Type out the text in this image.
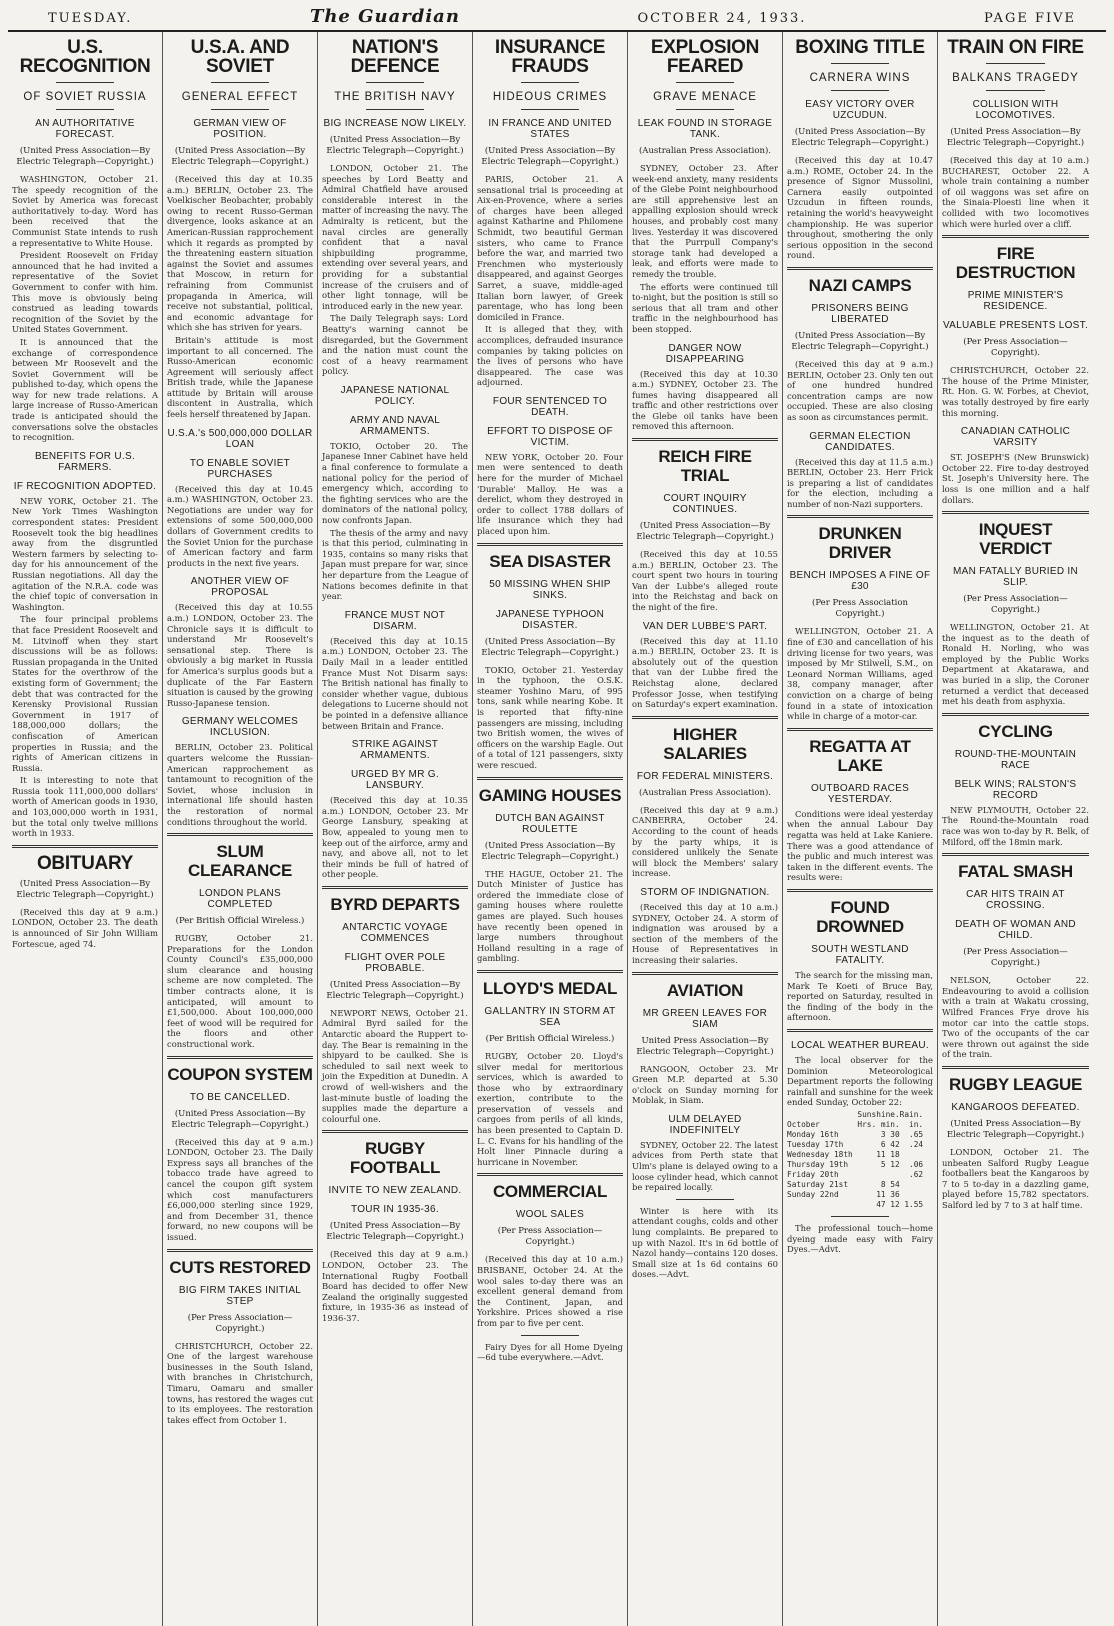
TUESDAY.	The Guardian	OCTOBER 24, 1933.	PAGE FIVE
U.S. RECOGNITION
OF SOVIET RUSSIA
AN AUTHORITATIVE FORECAST.
(United Press Association—By Electric Telegraph—Copyright.)

WASHINGTON, October 21. The speedy recognition of the Soviet by America was forecast authoritatively to-day. Word has been received that the Communist State intends to rush a representative to White House.

President Roosevelt on Friday announced that he had invited a representative of the Soviet Government to confer with him. This move is obviously being construed as leading towards recognition of the Soviet by the United States Government.

It is announced that the exchange of correspondence between Mr Roosevelt and the Soviet Government will be published to-day, which opens the way for new trade relations. A large increase of Russo-American trade is anticipated should the conversations solve the obstacles to recognition.

BENEFITS FOR U.S. FARMERS.
IF RECOGNITION ADOPTED.

NEW YORK, October 21. The New York Times Washington correspondent states: President Roosevelt took the big headlines away from the disgruntled Western farmers by selecting to-day for his announcement of the Russian negotiations. All day the agitation of the N.R.A. code was the chief topic of conversation in Washington.

The four principal problems that face President Roosevelt and M. Litvinoff when they start discussions will be as follows: Russian propaganda in the United States for the overthrow of the existing form of Government; the debt that was contracted for the Kerensky Provisional Russian Government in 1917 of 188,000,000 dollars; the confiscation of American properties in Russia; and the rights of American citizens in Russia.

It is interesting to note that Russia took 111,000,000 dollars' worth of American goods in 1930, and 103,000,000 worth in 1931, but the total only twelve millions worth in 1933.

OBITUARY
(United Press Association—By Electric Telegraph—Copyright.)

(Received this day at 9 a.m.) LONDON, October 23. The death is announced of Sir John William Fortescue, aged 74.

U.S.A. AND SOVIET
GENERAL EFFECT
GERMAN VIEW OF POSITION.
(United Press Association—By Electric Telegraph—Copyright.)

(Received this day at 10.35 a.m.) BERLIN, October 23. The Voelkischer Beobachter, probably owing to recent Russo-German divergence, looks askance at an American-Russian rapprochement which it regards as prompted by the threatening eastern situation against the Soviet and assumes that Moscow, in return for refraining from Communist propaganda in America, will receive not substantial, political, and economic advantage for which she has striven for years.

Britain's attitude is most important to all concerned. The Russo-American economic Agreement will seriously affect British trade, while the Japanese attitude by Britain will arouse discontent in Australia, which feels herself threatened by Japan.

U.S.A.'s 500,000,000 DOLLAR LOAN
TO ENABLE SOVIET PURCHASES

(Received this day at 10.45 a.m.) WASHINGTON, October 23. Negotiations are under way for extensions of some 500,000,000 dollars of Government credits to the Soviet Union for the purchase of American factory and farm products in the next five years.

ANOTHER VIEW OF PROPOSAL

(Received this day at 10.55 a.m.) LONDON, October 23. The Chronicle says it is difficult to understand Mr Roosevelt's sensational step. There is obviously a big market in Russia for America's surplus goods but a duplicate of the Far Eastern situation is caused by the growing Russo-Japanese tension.

GERMANY WELCOMES INCLUSION.

BERLIN, October 23. Political quarters welcome the Russian-American rapprochement as tantamount to recognition of the Soviet, whose inclusion in international life should hasten the restoration of normal conditions throughout the world.

SLUM CLEARANCE
LONDON PLANS COMPLETED
(Per British Official Wireless.)

RUGBY, October 21. Preparations for the London County Council's £35,000,000 slum clearance and housing scheme are now completed. The timber contracts alone, it is anticipated, will amount to £1,500,000. About 100,000,000 feet of wood will be required for the floors and other constructional work.

COUPON SYSTEM
TO BE CANCELLED.
(United Press Association—By Electric Telegraph—Copyright.)

(Received this day at 9 a.m.) LONDON, October 23. The Daily Express says all branches of the tobacco trade have agreed to cancel the coupon gift system which cost manufacturers £6,000,000 sterling since 1929, and from December 31, thence forward, no new coupons will be issued.

CUTS RESTORED
BIG FIRM TAKES INITIAL STEP
(Per Press Association—Copyright.)

CHRISTCHURCH, October 22. One of the largest warehouse businesses in the South Island, with branches in Christchurch, Timaru, Oamaru and smaller towns, has restored the wages cut to its employees. The restoration takes effect from October 1.

NATION'S DEFENCE
THE BRITISH NAVY
BIG INCREASE NOW LIKELY.
(United Press Association—By Electric Telegraph—Copyright.)

LONDON, October 21. The speeches by Lord Beatty and Admiral Chatfield have aroused considerable interest in the matter of increasing the navy. The Admiralty is reticent, but the naval circles are generally confident that a naval shipbuilding programme, extending over several years, and providing for a substantial increase of the cruisers and of other light tonnage, will be introduced early in the new year.

The Daily Telegraph says: Lord Beatty's warning cannot be disregarded, but the Government and the nation must count the cost of a heavy rearmament policy.

JAPANESE NATIONAL POLICY.
ARMY AND NAVAL ARMAMENTS.

TOKIO, October 20. The Japanese Inner Cabinet have held a final conference to formulate a national policy for the period of emergency which, according to the fighting services who are the dominators of the national policy, now confronts Japan.

The thesis of the army and navy is that this period, culminating in 1935, contains so many risks that Japan must prepare for war, since her departure from the League of Nations becomes definite in that year.

FRANCE MUST NOT DISARM.

(Received this day at 10.15 a.m.) LONDON, October 23. The Daily Mail in a leader entitled France Must Not Disarm says: The British national has finally to consider whether vague, dubious delegations to Lucerne should not be pointed in a defensive alliance between Britain and France.

STRIKE AGAINST ARMAMENTS.
URGED BY MR G. LANSBURY.

(Received this day at 10.35 a.m.) LONDON, October 23. Mr George Lansbury, speaking at Bow, appealed to young men to keep out of the airforce, army and navy, and above all, not to let their minds be full of hatred of other people.

BYRD DEPARTS
ANTARCTIC VOYAGE COMMENCES
FLIGHT OVER POLE PROBABLE.
(United Press Association—By Electric Telegraph—Copyright.)

NEWPORT NEWS, October 21. Admiral Byrd sailed for the Antarctic aboard the Ruppert to-day. The Bear is remaining in the shipyard to be caulked. She is scheduled to sail next week to join the Expedition at Dunedin. A crowd of well-wishers and the last-minute bustle of loading the supplies made the departure a colourful one.

RUGBY FOOTBALL
INVITE TO NEW ZEALAND.
TOUR IN 1935-36.
(United Press Association—By Electric Telegraph—Copyright.)

(Received this day at 9 a.m.) LONDON, October 23. The International Rugby Football Board has decided to offer New Zealand the originally suggested fixture, in 1935-36 as instead of 1936-37.

INSURANCE FRAUDS
HIDEOUS CRIMES
IN FRANCE AND UNITED STATES
(United Press Association—By Electric Telegraph—Copyright.)

PARIS, October 21. A sensational trial is proceeding at Aix-en-Provence, where a series of charges have been alleged against Katharine and Philomene Schmidt, two beautiful German sisters, who came to France before the war, and married two Frenchmen who mysteriously disappeared, and against Georges Sarret, a suave, middle-aged Italian born lawyer, of Greek parentage, who has long been domiciled in France.

It is alleged that they, with accomplices, defrauded insurance companies by taking policies on the lives of persons who have disappeared. The case was adjourned.

FOUR SENTENCED TO DEATH.
EFFORT TO DISPOSE OF VICTIM.

NEW YORK, October 20. Four men were sentenced to death here for the murder of Michael 'Durable' Malloy. He was a derelict, whom they destroyed in order to collect 1788 dollars of life insurance which they had placed upon him.

SEA DISASTER
50 MISSING WHEN SHIP SINKS.
JAPANESE TYPHOON DISASTER.
(United Press Association—By Electric Telegraph—Copyright.)

TOKIO, October 21. Yesterday in the typhoon, the O.S.K. steamer Yoshino Maru, of 995 tons, sank while nearing Kobe. It is reported that fifty-nine passengers are missing, including two British women, the wives of officers on the warship Eagle. Out of a total of 121 passengers, sixty were rescued.

GAMING HOUSES
DUTCH BAN AGAINST ROULETTE
(United Press Association—By Electric Telegraph—Copyright.)

THE HAGUE, October 21. The Dutch Minister of Justice has ordered the immediate close of gaming houses where roulette games are played. Such houses have recently been opened in large numbers throughout Holland resulting in a rage of gambling.

LLOYD'S MEDAL
GALLANTRY IN STORM AT SEA
(Per British Official Wireless.)

RUGBY, October 20. Lloyd's silver medal for meritorious services, which is awarded to those who by extraordinary exertion, contribute to the preservation of vessels and cargoes from perils of all kinds, has been presented to Captain D. L. C. Evans for his handling of the Holt liner Pinnacle during a hurricane in November.

COMMERCIAL
WOOL SALES
(Per Press Association—Copyright.)

(Received this day at 10 a.m.) BRISBANE, October 24. At the wool sales to-day there was an excellent general demand from the Continent, Japan, and Yorkshire. Prices showed a rise from par to five per cent.

Fairy Dyes for all Home Dyeing—6d tube everywhere.—Advt.

EXPLOSION FEARED
GRAVE MENACE
LEAK FOUND IN STORAGE TANK.
(Australian Press Association).

SYDNEY, October 23. After week-end anxiety, many residents of the Glebe Point neighbourhood are still apprehensive lest an appalling explosion should wreck houses, and probably cost many lives. Yesterday it was discovered that the Purrpull Company's storage tank had developed a leak, and efforts were made to remedy the trouble.

The efforts were continued till to-night, but the position is still so serious that all tram and other traffic in the neighbourhood has been stopped.

DANGER NOW DISAPPEARING

(Received this day at 10.30 a.m.) SYDNEY, October 23. The fumes having disappeared all traffic and other restrictions over the Glebe oil tanks have been removed this afternoon.

REICH FIRE TRIAL
COURT INQUIRY CONTINUES.
(United Press Association—By Electric Telegraph—Copyright.)

(Received this day at 10.55 a.m.) BERLIN, October 23. The court spent two hours in touring Van der Lubbe's alleged route into the Reichstag and back on the night of the fire.

VAN DER LUBBE'S PART.

(Received this day at 11.10 a.m.) BERLIN, October 23. It is absolutely out of the question that van der Lubbe fired the Reichstag alone, declared Professor Josse, when testifying on Saturday's expert examination.

HIGHER SALARIES
FOR FEDERAL MINISTERS.
(Australian Press Association).

(Received this day at 9 a.m.) CANBERRA, October 24. According to the count of heads by the party whips, it is considered unlikely the Senate will block the Members' salary increase.

STORM OF INDIGNATION.

(Received this day at 10 a.m.) SYDNEY, October 24. A storm of indignation was aroused by a section of the members of the House of Representatives in increasing their salaries.

AVIATION
MR GREEN LEAVES FOR SIAM
United Press Association—By Electric Telegraph—Copyright.)

RANGOON, October 23. Mr Green M.P. departed at 5.30 o'clock on Sunday morning for Moblak, in Siam.

ULM DELAYED INDEFINITELY

SYDNEY, October 22. The latest advices from Perth state that Ulm's plane is delayed owing to a loose cylinder head, which cannot be repaired locally.

Winter is here with its attendant coughs, colds and other lung complaints. Be prepared to up with Nazol. It's in 6d bottle of Nazol handy—contains 120 doses. Small size at 1s 6d contains 60 doses.—Advt.

BOXING TITLE
CARNERA WINS
EASY VICTORY OVER UZCUDUN.
(United Press Association—By Electric Telegraph—Copyright.)

(Received this day at 10.47 a.m.) ROME, October 24. In the presence of Signor Mussolini, Carnera easily outpointed Uzcudun in fifteen rounds, retaining the world's heavyweight championship. He was superior throughout, smothering the only serious opposition in the second round.

NAZI CAMPS
PRISONERS BEING LIBERATED
(United Press Association—By Electric Telegraph—Copyright.)

(Received this day at 9 a.m.) BERLIN, October 23. Only ten out of one hundred hundred concentration camps are now occupied. These are also closing as soon as circumstances permit.

GERMAN ELECTION CANDIDATES.

(Received this day at 11.5 a.m.) BERLIN, October 23. Herr Frick is preparing a list of candidates for the election, including a number of non-Nazi supporters.

DRUNKEN DRIVER
BENCH IMPOSES A FINE OF £30
(Per Press Association Copyright.)

WELLINGTON, October 21. A fine of £30 and cancellation of his driving license for two years, was imposed by Mr Stilwell, S.M., on Leonard Norman Williams, aged 38, company manager, after conviction on a charge of being found in a state of intoxication while in charge of a motor-car.

REGATTA AT LAKE
OUTBOARD RACES YESTERDAY.

Conditions were ideal yesterday when the annual Labour Day regatta was held at Lake Kaniere. There was a good attendance of the public and much interest was taken in the different events. The results were:

FOUND DROWNED
SOUTH WESTLAND FATALITY.

The search for the missing man, Mark Te Koeti of Bruce Bay, reported on Saturday, resulted in the finding of the body in the afternoon.

LOCAL WEATHER BUREAU.

The local observer for the Dominion Meteorological Department reports the following rainfall and sunshine for the week ended Sunday, October 22:

Sunshine.Rain.
October        Hrs. min.  in.
Monday 16th         3 30  .65
Tuesday 17th        6 42  .24
Wednesday 18th     11 18
Thursday 19th       5 12  .06
Friday 20th               .62
Saturday 21st       8 54
Sunday 22nd        11 36
47 12 1.55

The professional touch—home dyeing made easy with Fairy Dyes.—Advt.

TRAIN ON FIRE
BALKANS TRAGEDY
COLLISION WITH LOCOMOTIVES.
(United Press Association—By Electric Telegraph—Copyright.)

(Received this day at 10 a.m.) BUCHAREST, October 22. A whole train containing a number of oil waggons was set afire on the Sinaia-Ploesti line when it collided with two locomotives which were hurled over a cliff.

FIRE DESTRUCTION
PRIME MINISTER'S RESIDENCE.
VALUABLE PRESENTS LOST.
(Per Press Association—Copyright).

CHRISTCHURCH, October 22. The house of the Prime Minister, Rt. Hon. G. W. Forbes, at Cheviot, was totally destroyed by fire early this morning.

CANADIAN CATHOLIC VARSITY

ST. JOSEPH'S (New Brunswick) October 22. Fire to-day destroyed St. Joseph's University here. The loss is one million and a half dollars.

INQUEST VERDICT
MAN FATALLY BURIED IN SLIP.
(Per Press Association—Copyright.)

WELLINGTON, October 21. At the inquest as to the death of Ronald H. Norling, who was employed by the Public Works Department at Akatarawa, and was buried in a slip, the Coroner returned a verdict that deceased met his death from asphyxia.

CYCLING
ROUND-THE-MOUNTAIN RACE
BELK WINS; RALSTON'S RECORD

NEW PLYMOUTH, October 22. The Round-the-Mountain road race was won to-day by R. Belk, of Milford, off the 18min mark.

FATAL SMASH
CAR HITS TRAIN AT CROSSING.
DEATH OF WOMAN AND CHILD.
(Per Press Association—Copyright.)

NELSON, October 22. Endeavouring to avoid a collision with a train at Wakatu crossing, Wilfred Frances Frye drove his motor car into the cattle stops. Two of the occupants of the car were thrown out against the side of the train.

RUGBY LEAGUE
KANGAROOS DEFEATED.
(United Press Association—By Electric Telegraph—Copyright.)

LONDON, October 21. The unbeaten Salford Rugby League footballers beat the Kangaroos by 7 to 5 to-day in a dazzling game, played before 15,782 spectators. Salford led by 7 to 3 at half time.
